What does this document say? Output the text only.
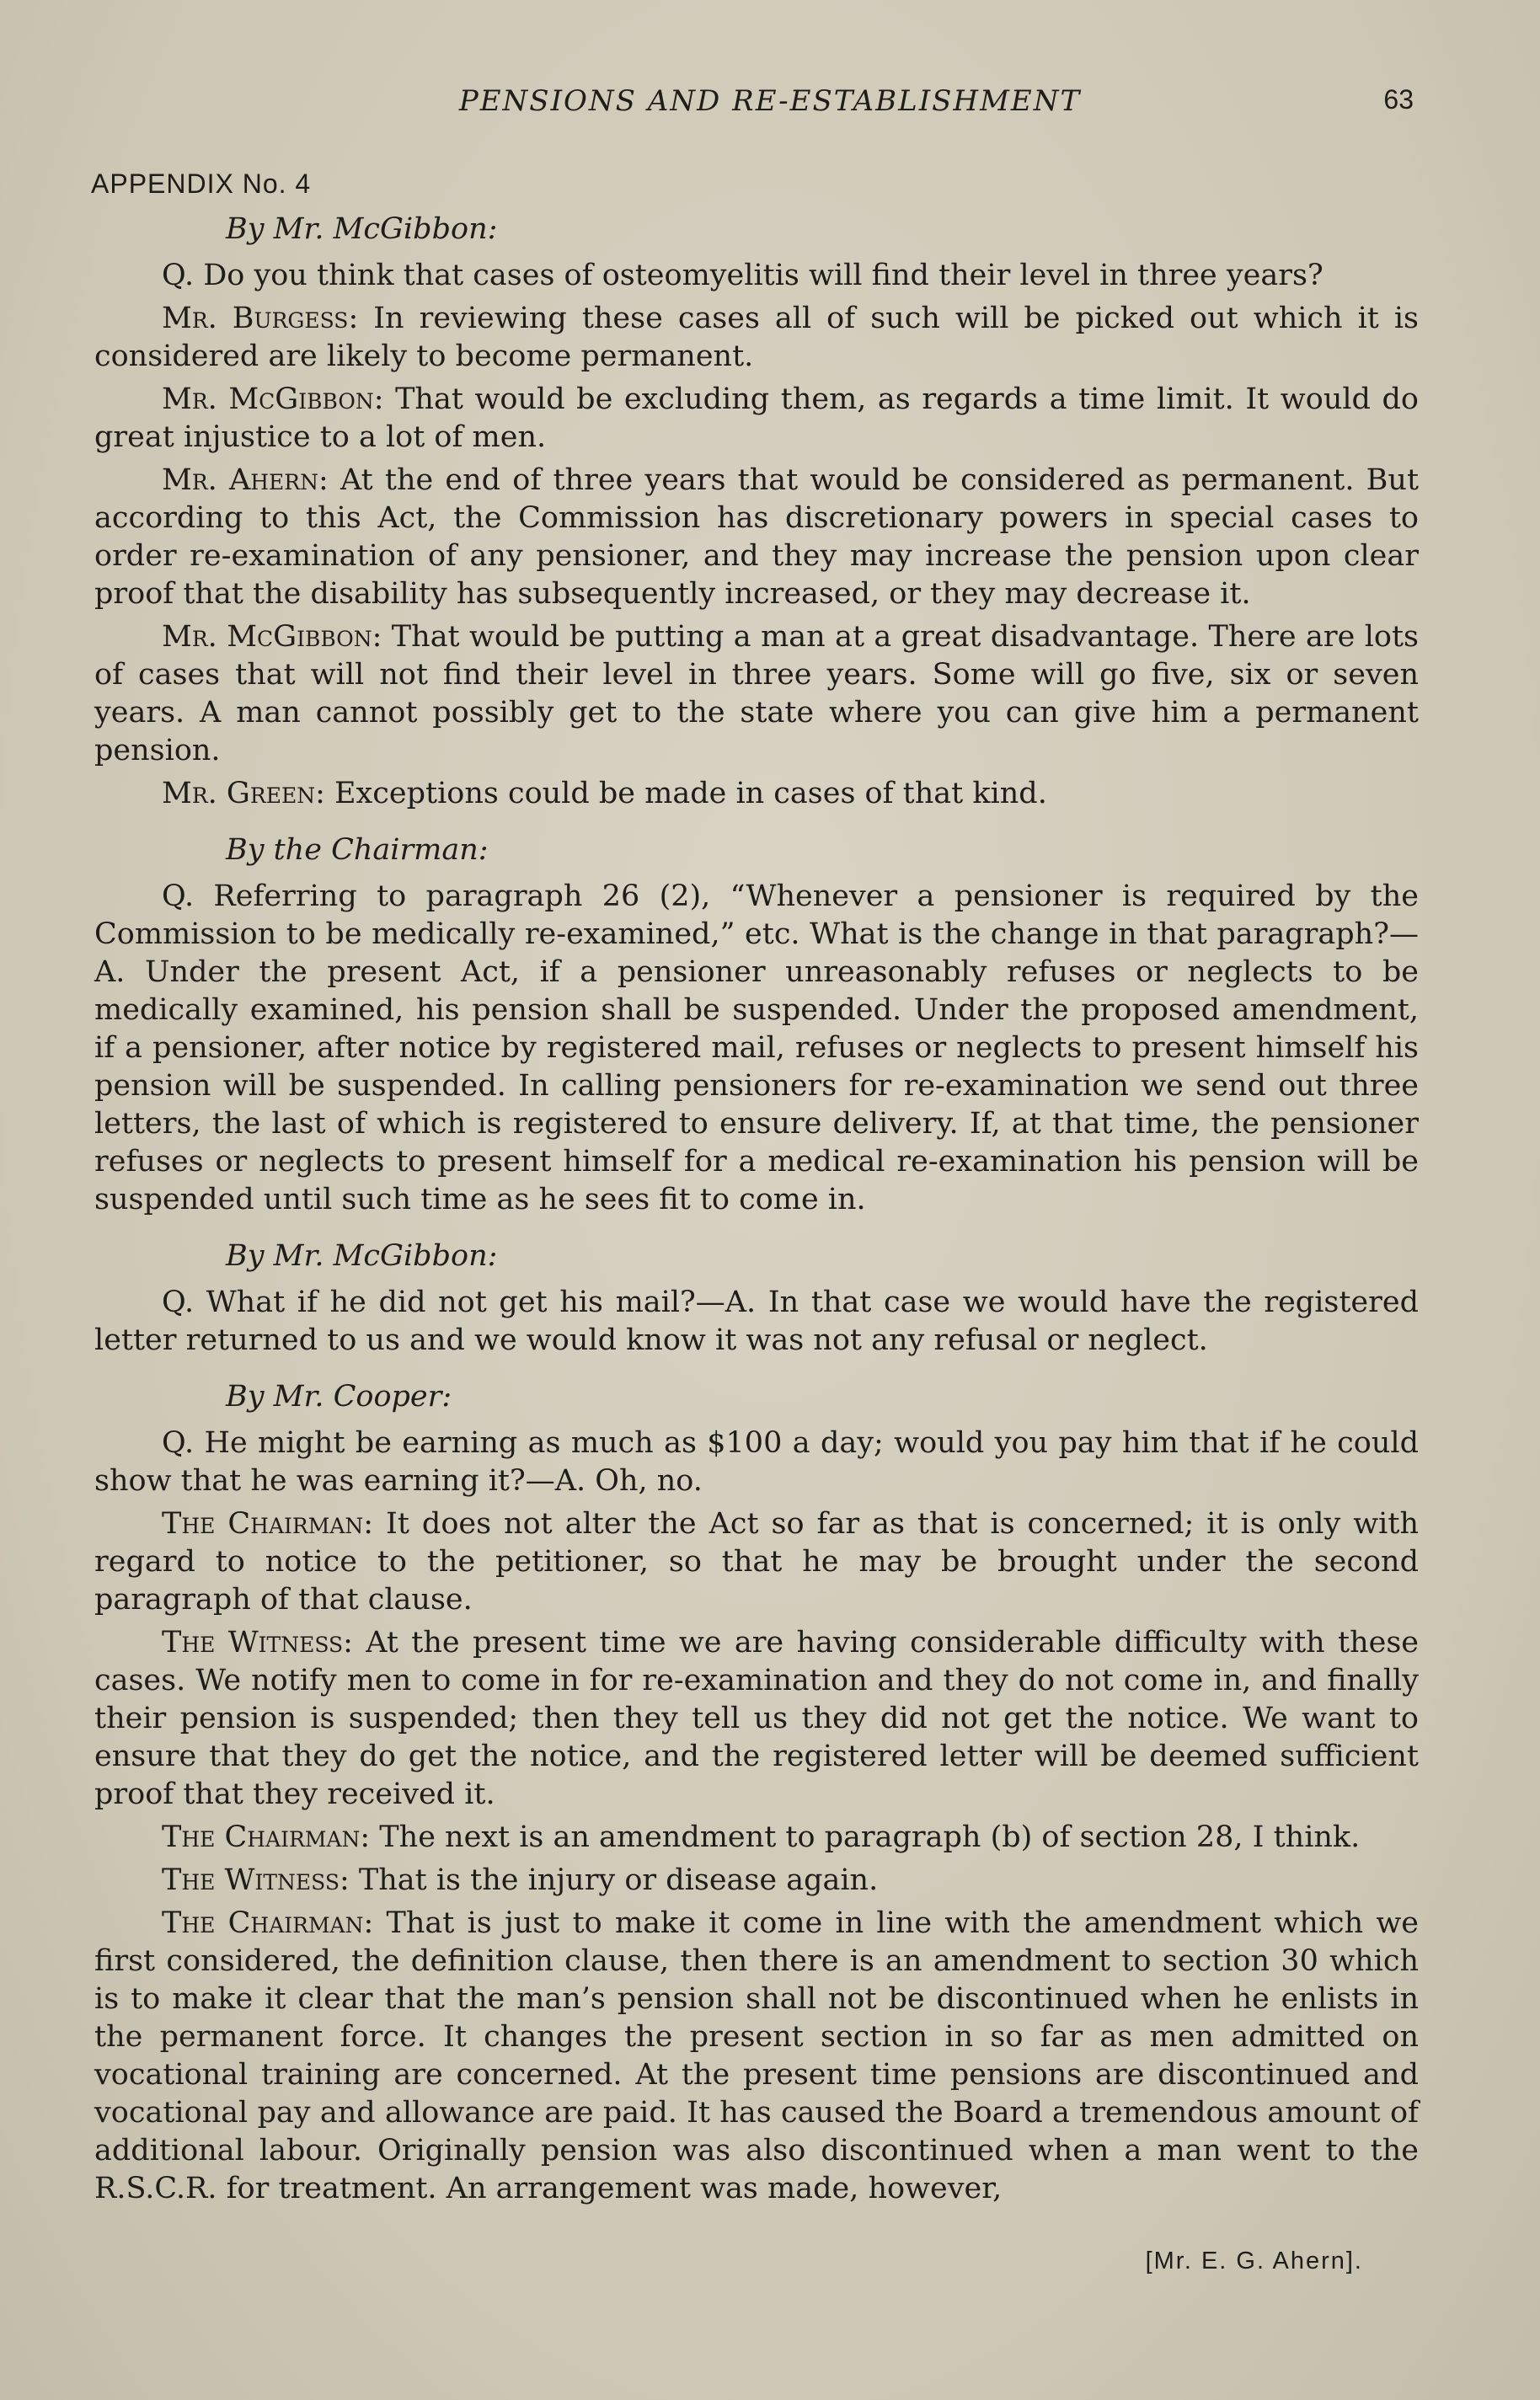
PENSIONS AND RE-ESTABLISHMENT	63
APPENDIX No. 4

By Mr. McGibbon:

Q. Do you think that cases of osteomyelitis will find their level in three years?

Mr. Burgess: In reviewing these cases all of such will be picked out which it is considered are likely to become permanent.

Mr. McGibbon: That would be excluding them, as regards a time limit. It would do great injustice to a lot of men.

Mr. Ahern: At the end of three years that would be considered as permanent. But according to this Act, the Commission has discretionary powers in special cases to order re-examination of any pensioner, and they may increase the pension upon clear proof that the disability has subsequently increased, or they may decrease it.

Mr. McGibbon: That would be putting a man at a great disadvantage. There are lots of cases that will not find their level in three years. Some will go five, six or seven years. A man cannot possibly get to the state where you can give him a permanent pension.

Mr. Green: Exceptions could be made in cases of that kind.

By the Chairman:

Q. Referring to paragraph 26 (2), “Whenever a pensioner is required by the Commission to be medically re-examined,” etc. What is the change in that paragraph?—A. Under the present Act, if a pensioner unreasonably refuses or neglects to be medically examined, his pension shall be suspended. Under the proposed amendment, if a pensioner, after notice by registered mail, refuses or neglects to present himself his pension will be suspended. In calling pensioners for re-examination we send out three letters, the last of which is registered to ensure delivery. If, at that time, the pensioner refuses or neglects to present himself for a medical re-examination his pension will be suspended until such time as he sees fit to come in.

By Mr. McGibbon:

Q. What if he did not get his mail?—A. In that case we would have the registered letter returned to us and we would know it was not any refusal or neglect.

By Mr. Cooper:

Q. He might be earning as much as $100 a day; would you pay him that if he could show that he was earning it?—A. Oh, no.

The Chairman: It does not alter the Act so far as that is concerned; it is only with regard to notice to the petitioner, so that he may be brought under the second paragraph of that clause.

The Witness: At the present time we are having considerable difficulty with these cases. We notify men to come in for re-examination and they do not come in, and finally their pension is suspended; then they tell us they did not get the notice. We want to ensure that they do get the notice, and the registered letter will be deemed sufficient proof that they received it.

The Chairman: The next is an amendment to paragraph (b) of section 28, I think.

The Witness: That is the injury or disease again.

The Chairman: That is just to make it come in line with the amendment which we first considered, the definition clause, then there is an amendment to section 30 which is to make it clear that the man’s pension shall not be discontinued when he enlists in the permanent force. It changes the present section in so far as men admitted on vocational training are concerned. At the present time pensions are discontinued and vocational pay and allowance are paid. It has caused the Board a tremendous amount of additional labour. Originally pension was also discontinued when a man went to the R.S.C.R. for treatment. An arrangement was made, however,

[Mr. E. G. Ahern].
